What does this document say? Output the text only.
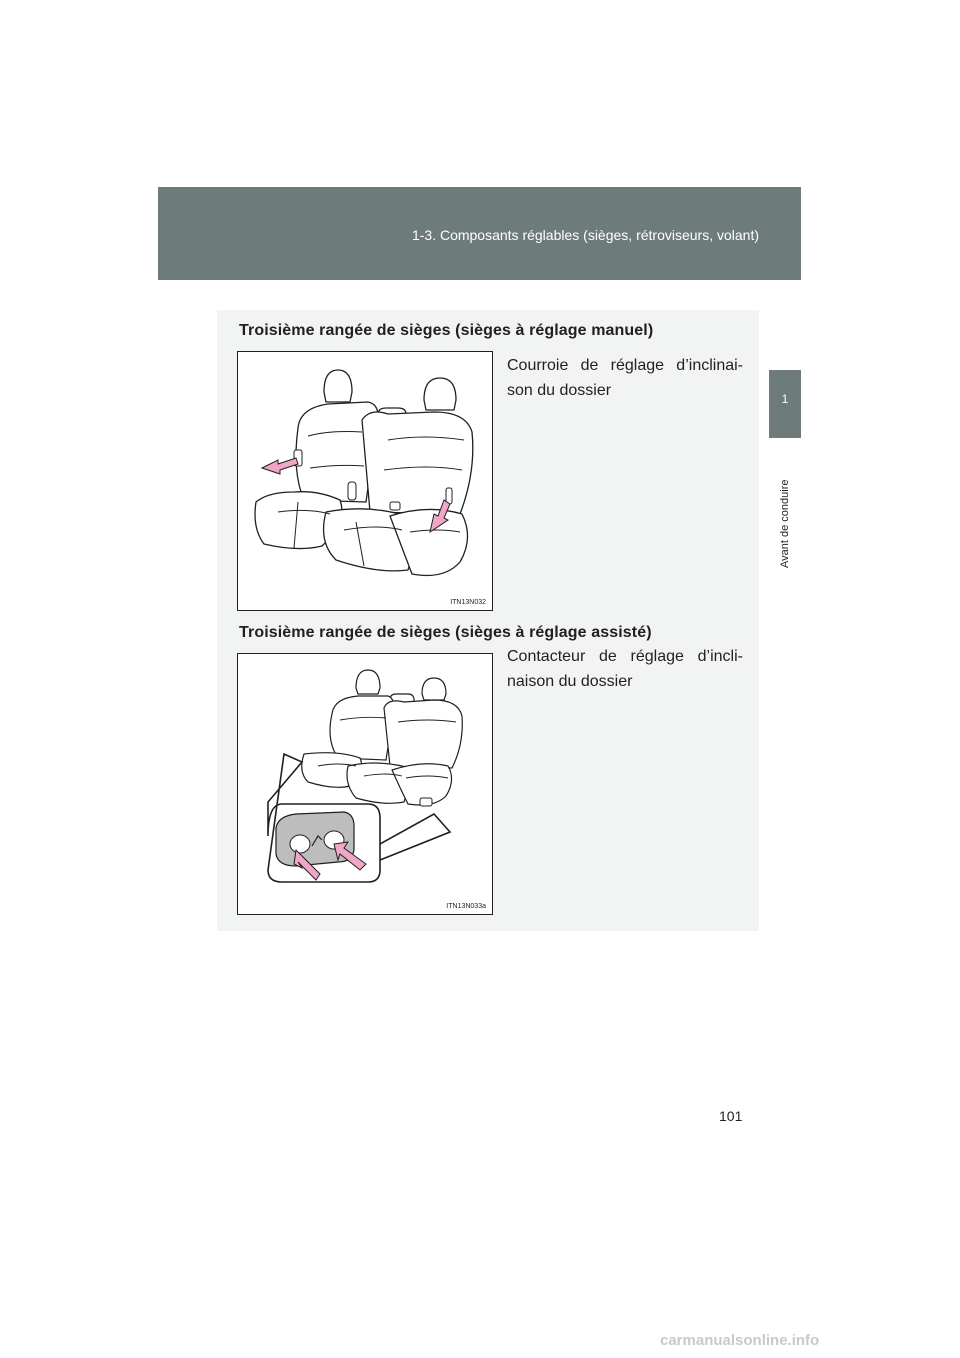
1-3. Composants réglables (sièges, rétroviseurs, volant)
1
Avant de conduire
Troisième rangée de sièges (sièges à réglage manuel)
ITN13N032
Courroie de réglage d’inclinai-son du dossier
Troisième rangée de sièges (sièges à réglage assisté)
ITN13N033a
Contacteur de réglage d’incli-naison du dossier
101
carmanualsonline.info
